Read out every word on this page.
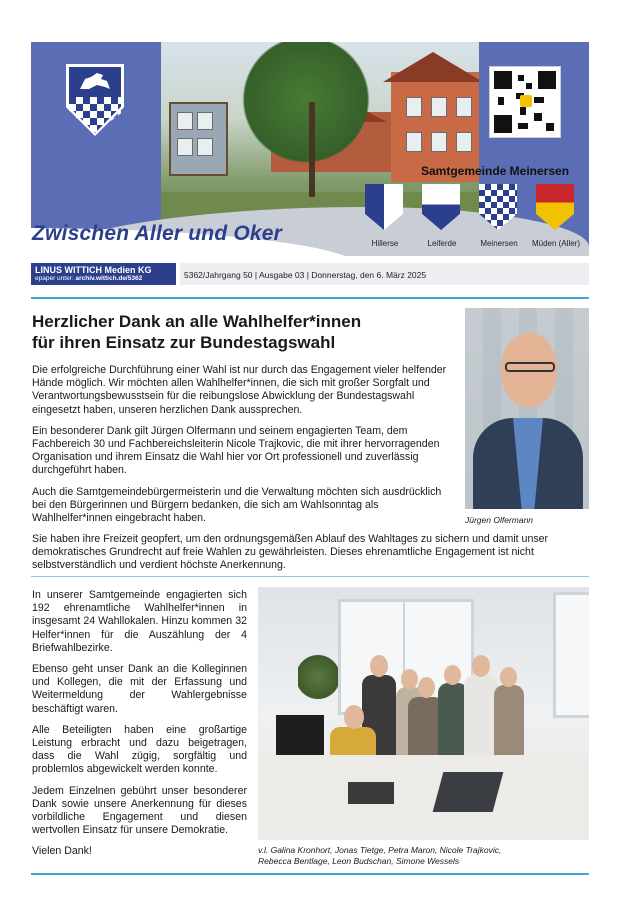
Samtgemeinde Meinersen
Hillerse	Leiferde	Meinersen	Müden (Aller)
Zwischen Aller und Oker
LINUS WITTICH Medien KG
epaper unter: archiv.wittich.de/5362	5362/Jahrgang 50 | Ausgabe 03 | Donnerstag, den 6. März 2025
Herzlicher Dank an alle Wahlhelfer*innen
für ihren Einsatz zur Bundestagswahl

Die erfolgreiche Durchführung einer Wahl ist nur durch das Engagement vieler helfender Hände möglich. Wir möchten allen Wahlhelfer*innen, die sich mit großer Sorgfalt und Verantwortungsbewusstsein für die reibungslose Abwicklung der Bundestagswahl eingesetzt haben, unseren herzlichen Dank aussprechen.

Ein besonderer Dank gilt Jürgen Olfermann und seinem engagierten Team, dem Fachbereich 30 und Fachbereichsleiterin Nicole Trajkovic, die mit ihrer hervorragenden Organisation und ihrem Einsatz die Wahl hier vor Ort professionell und zuverlässig durchgeführt haben.

Auch die Samtgemeindebürgermeisterin und die Verwaltung möchten sich ausdrücklich bei den Bürgerinnen und Bürgern bedanken, die sich am Wahlsonntag als Wahlhelfer*innen eingebracht haben.	Jürgen Olfermann

Sie haben ihre Freizeit geopfert, um den ordnungsgemäßen Ablauf des Wahltages zu sichern und damit unser demokratisches Grundrecht auf freie Wahlen zu gewährleisten. Dieses ehrenamtliche Engagement ist nicht selbstverständlich und verdient höchste Anerkennung.

In unserer Samtgemeinde engagierten sich 192 ehrenamtliche Wahlhelfer*innen in insgesamt 24 Wahllokalen. Hinzu kommen 32 Helfer*innen für die Auszählung der 4 Briefwahlbezirke.

Ebenso geht unser Dank an die Kolleginnen und Kollegen, die mit der Erfassung und Weitermeldung der Wahlergebnisse beschäftigt waren.

Alle Beteiligten haben eine großartige Leistung erbracht und dazu beigetragen, dass die Wahl zügig, sorgfältig und problemlos abgewickelt werden konnte.

Jedem Einzelnen gebührt unser besonderer Dank sowie unsere Anerkennung für dieses vorbildliche Engagement und diesen wertvollen Einsatz für unsere Demokratie.

Vielen Dank!	v.l. Galina Kronhort, Jonas Tietge, Petra Maron, Nicole Trajkovic,
Rebecca Bentlage, Leon Budschan, Simone Wessels
